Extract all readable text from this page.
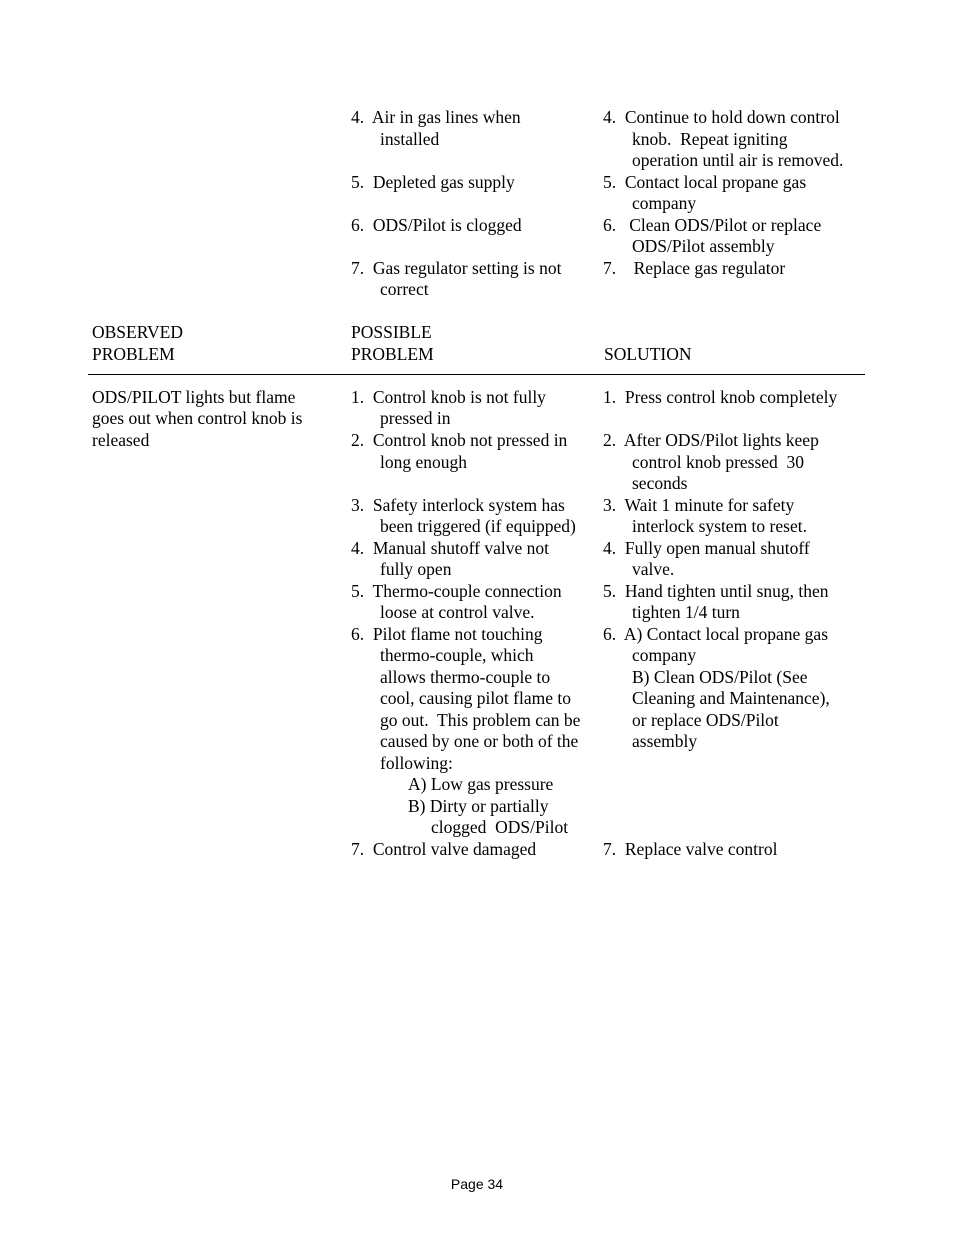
4.  Air in gas lines when
installed
5.  Depleted gas supply
6.  ODS/Pilot is clogged
7.  Gas regulator setting is not
correct
4.  Continue to hold down control
knob.  Repeat igniting
operation until air is removed.
5.  Contact local propane gas
company
6.   Clean ODS/Pilot or replace
ODS/Pilot assembly
7.    Replace gas regulator
OBSERVED
PROBLEM
POSSIBLE
PROBLEM	SOLUTION
ODS/PILOT lights but flame
goes out when control knob is
released
1.  Control knob is not fully
pressed in
2.  Control knob not pressed in
long enough
3.  Safety interlock system has
been triggered (if equipped)
4.  Manual shutoff valve not
fully open
5.  Thermo-couple connection
loose at control valve.
6.  Pilot flame not touching
thermo-couple, which
allows thermo-couple to
cool, causing pilot flame to
go out.  This problem can be
caused by one or both of the
following:
A) Low gas pressure
B) Dirty or partially
clogged  ODS/Pilot
7.  Control valve damaged
1.  Press control knob completely
2.  After ODS/Pilot lights keep
control knob pressed  30
seconds
3.  Wait 1 minute for safety
interlock system to reset.
4.  Fully open manual shutoff
valve.
5.  Hand tighten until snug, then
tighten 1/4 turn
6.  A) Contact local propane gas
company
B) Clean ODS/Pilot (See
Cleaning and Maintenance),
or replace ODS/Pilot
assembly
7.  Replace valve control
Page 34
